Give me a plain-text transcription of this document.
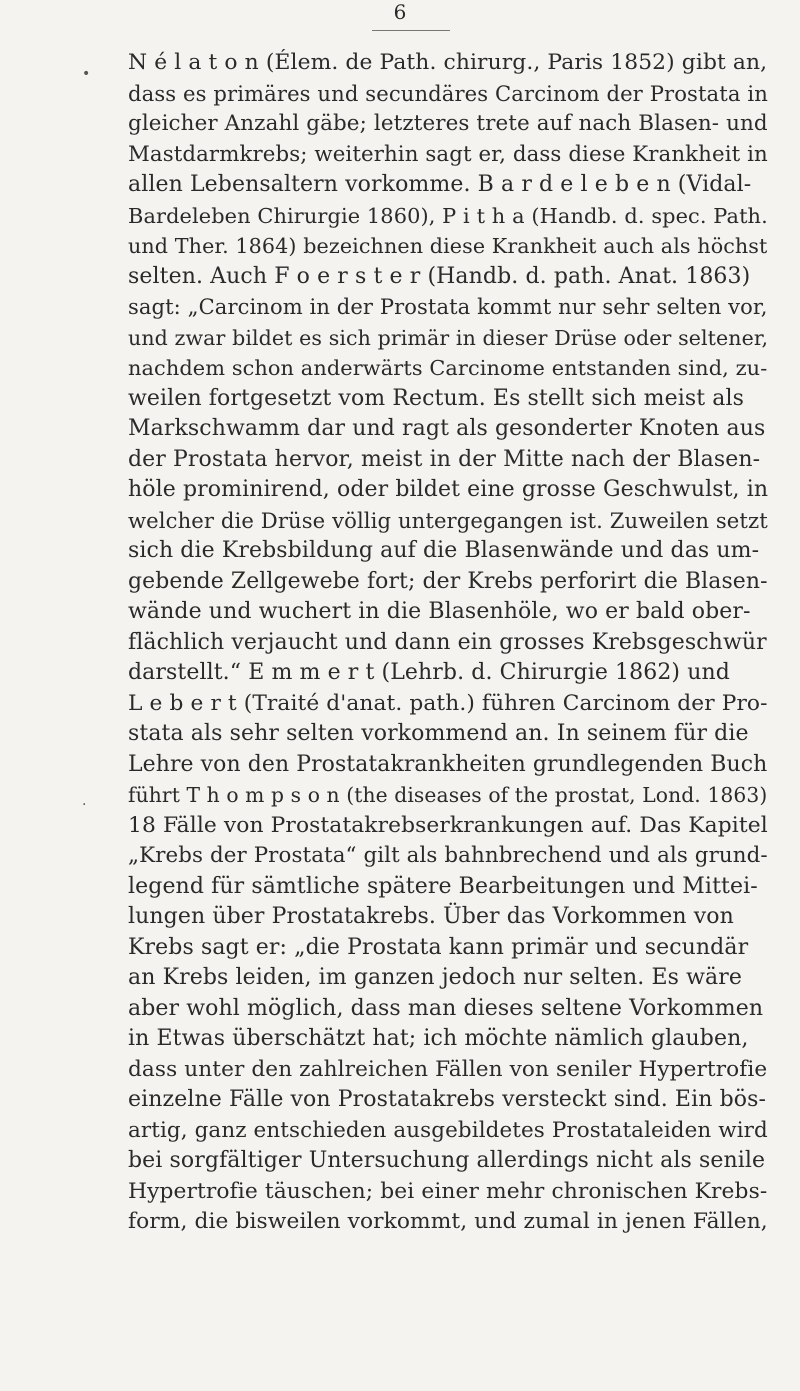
6
•
·
N é l a t o n (Élem. de Path. chirurg., Paris 1852) gibt an,
dass es primäres und secundäres Carcinom der Prostata in
gleicher Anzahl gäbe; letzteres trete auf nach Blasen- und
Mastdarmkrebs; weiterhin sagt er, dass diese Krankheit in
allen Lebensaltern vorkomme. B a r d e l e b e n (Vidal-
Bardeleben Chirurgie 1860), P i t h a (Handb. d. spec. Path.
und Ther. 1864) bezeichnen diese Krankheit auch als höchst
selten. Auch F o e r s t e r (Handb. d. path. Anat. 1863)
sagt: „Carcinom in der Prostata kommt nur sehr selten vor,
und zwar bildet es sich primär in dieser Drüse oder seltener,
nachdem schon anderwärts Carcinome entstanden sind, zu-
weilen fortgesetzt vom Rectum. Es stellt sich meist als
Markschwamm dar und ragt als gesonderter Knoten aus
der Prostata hervor, meist in der Mitte nach der Blasen-
höle prominirend, oder bildet eine grosse Geschwulst, in
welcher die Drüse völlig untergegangen ist. Zuweilen setzt
sich die Krebsbildung auf die Blasenwände und das um-
gebende Zellgewebe fort; der Krebs perforirt die Blasen-
wände und wuchert in die Blasenhöle, wo er bald ober-
flächlich verjaucht und dann ein grosses Krebsgeschwür
darstellt.“ E m m e r t (Lehrb. d. Chirurgie 1862) und
L e b e r t (Traité d'anat. path.) führen Carcinom der Pro-
stata als sehr selten vorkommend an. In seinem für die
Lehre von den Prostatakrankheiten grundlegenden Buch
führt T h o m p s o n (the diseases of the prostat, Lond. 1863)
18 Fälle von Prostatakrebserkrankungen auf. Das Kapitel
„Krebs der Prostata“ gilt als bahnbrechend und als grund-
legend für sämtliche spätere Bearbeitungen und Mittei-
lungen über Prostatakrebs. Über das Vorkommen von
Krebs sagt er: „die Prostata kann primär und secundär
an Krebs leiden, im ganzen jedoch nur selten. Es wäre
aber wohl möglich, dass man dieses seltene Vorkommen
in Etwas überschätzt hat; ich möchte nämlich glauben,
dass unter den zahlreichen Fällen von seniler Hypertrofie
einzelne Fälle von Prostatakrebs versteckt sind. Ein bös-
artig, ganz entschieden ausgebildetes Prostataleiden wird
bei sorgfältiger Untersuchung allerdings nicht als senile
Hypertrofie täuschen; bei einer mehr chronischen Krebs-
form, die bisweilen vorkommt, und zumal in jenen Fällen,
